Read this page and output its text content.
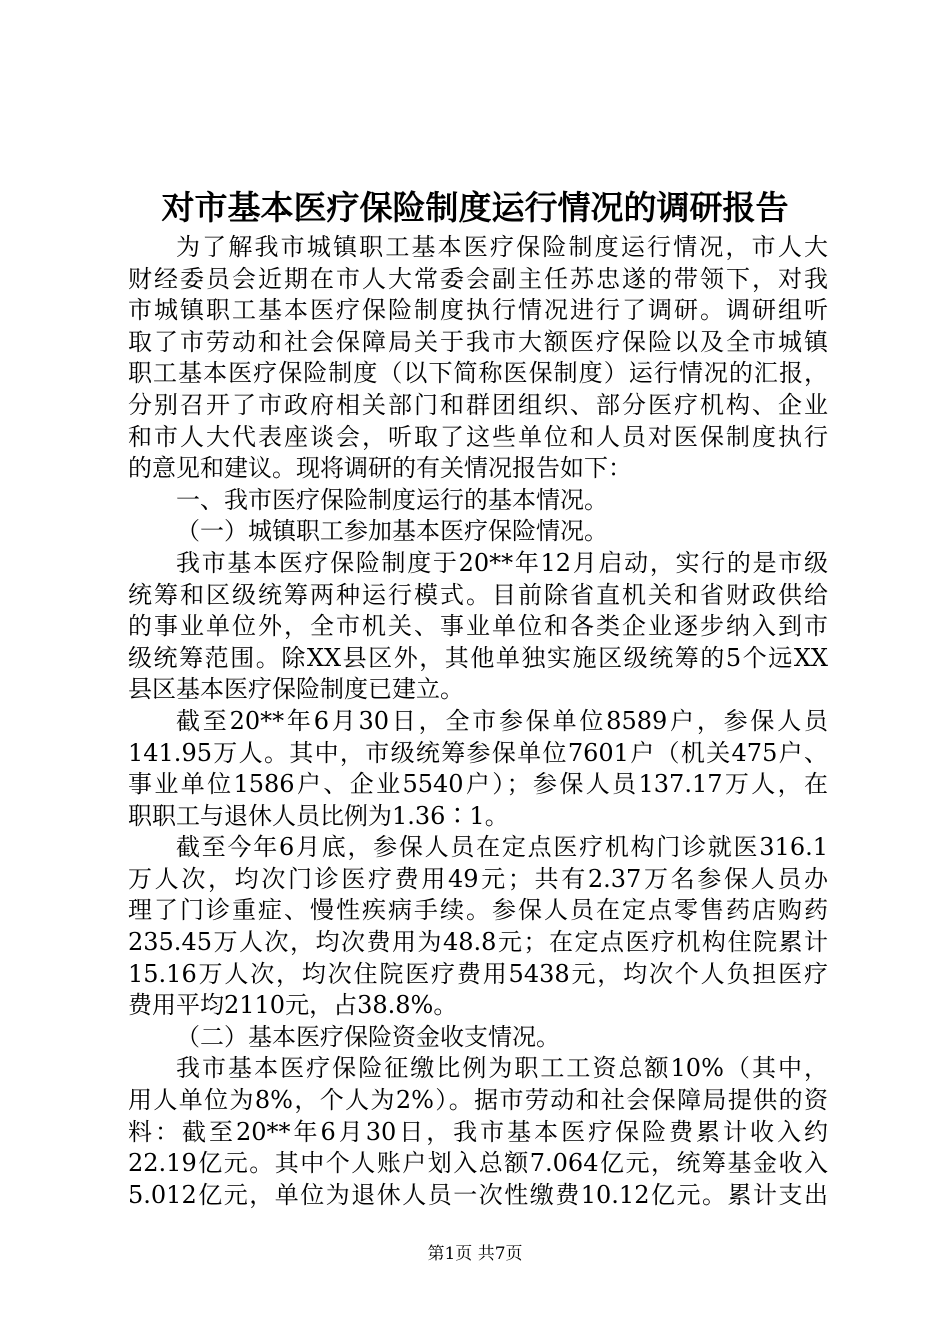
对市基本医疗保险制度运行情况的调研报告
为了解我市城镇职工基本医疗保险制度运行情况，市人大
财经委员会近期在市人大常委会副主任苏忠遂的带领下，对我
市城镇职工基本医疗保险制度执行情况进行了调研。调研组听
取了市劳动和社会保障局关于我市大额医疗保险以及全市城镇
职工基本医疗保险制度（以下简称医保制度）运行情况的汇报，
分别召开了市政府相关部门和群团组织、部分医疗机构、企业
和市人大代表座谈会，听取了这些单位和人员对医保制度执行
的意见和建议。现将调研的有关情况报告如下：
一、我市医疗保险制度运行的基本情况。
（一）城镇职工参加基本医疗保险情况。
我市基本医疗保险制度于20**年12月启动，实行的是市级
统筹和区级统筹两种运行模式。目前除省直机关和省财政供给
的事业单位外，全市机关、事业单位和各类企业逐步纳入到市
级统筹范围。除XX县区外，其他单独实施区级统筹的5个远XX
县区基本医疗保险制度已建立。
截至20**年6月30日，全市参保单位8589户，参保人员
141.95万人。其中，市级统筹参保单位7601户（机关475户、
事业单位1586户、企业5540户）；参保人员137.17万人，在
职职工与退休人员比例为1.36∶1。
截至今年6月底，参保人员在定点医疗机构门诊就医316.1
万人次，均次门诊医疗费用49元；共有2.37万名参保人员办
理了门诊重症、慢性疾病手续。参保人员在定点零售药店购药
235.45万人次，均次费用为48.8元；在定点医疗机构住院累计
15.16万人次，均次住院医疗费用5438元，均次个人负担医疗
费用平均2110元，占38.8%。
（二）基本医疗保险资金收支情况。
我市基本医疗保险征缴比例为职工工资总额10%（其中，
用人单位为8%，个人为2%）。据市劳动和社会保障局提供的资
料：截至20**年6月30日，我市基本医疗保险费累计收入约
22.19亿元。其中个人账户划入总额7.064亿元，统筹基金收入
5.012亿元，单位为退休人员一次性缴费10.12亿元。累计支出
第1页 共7页
